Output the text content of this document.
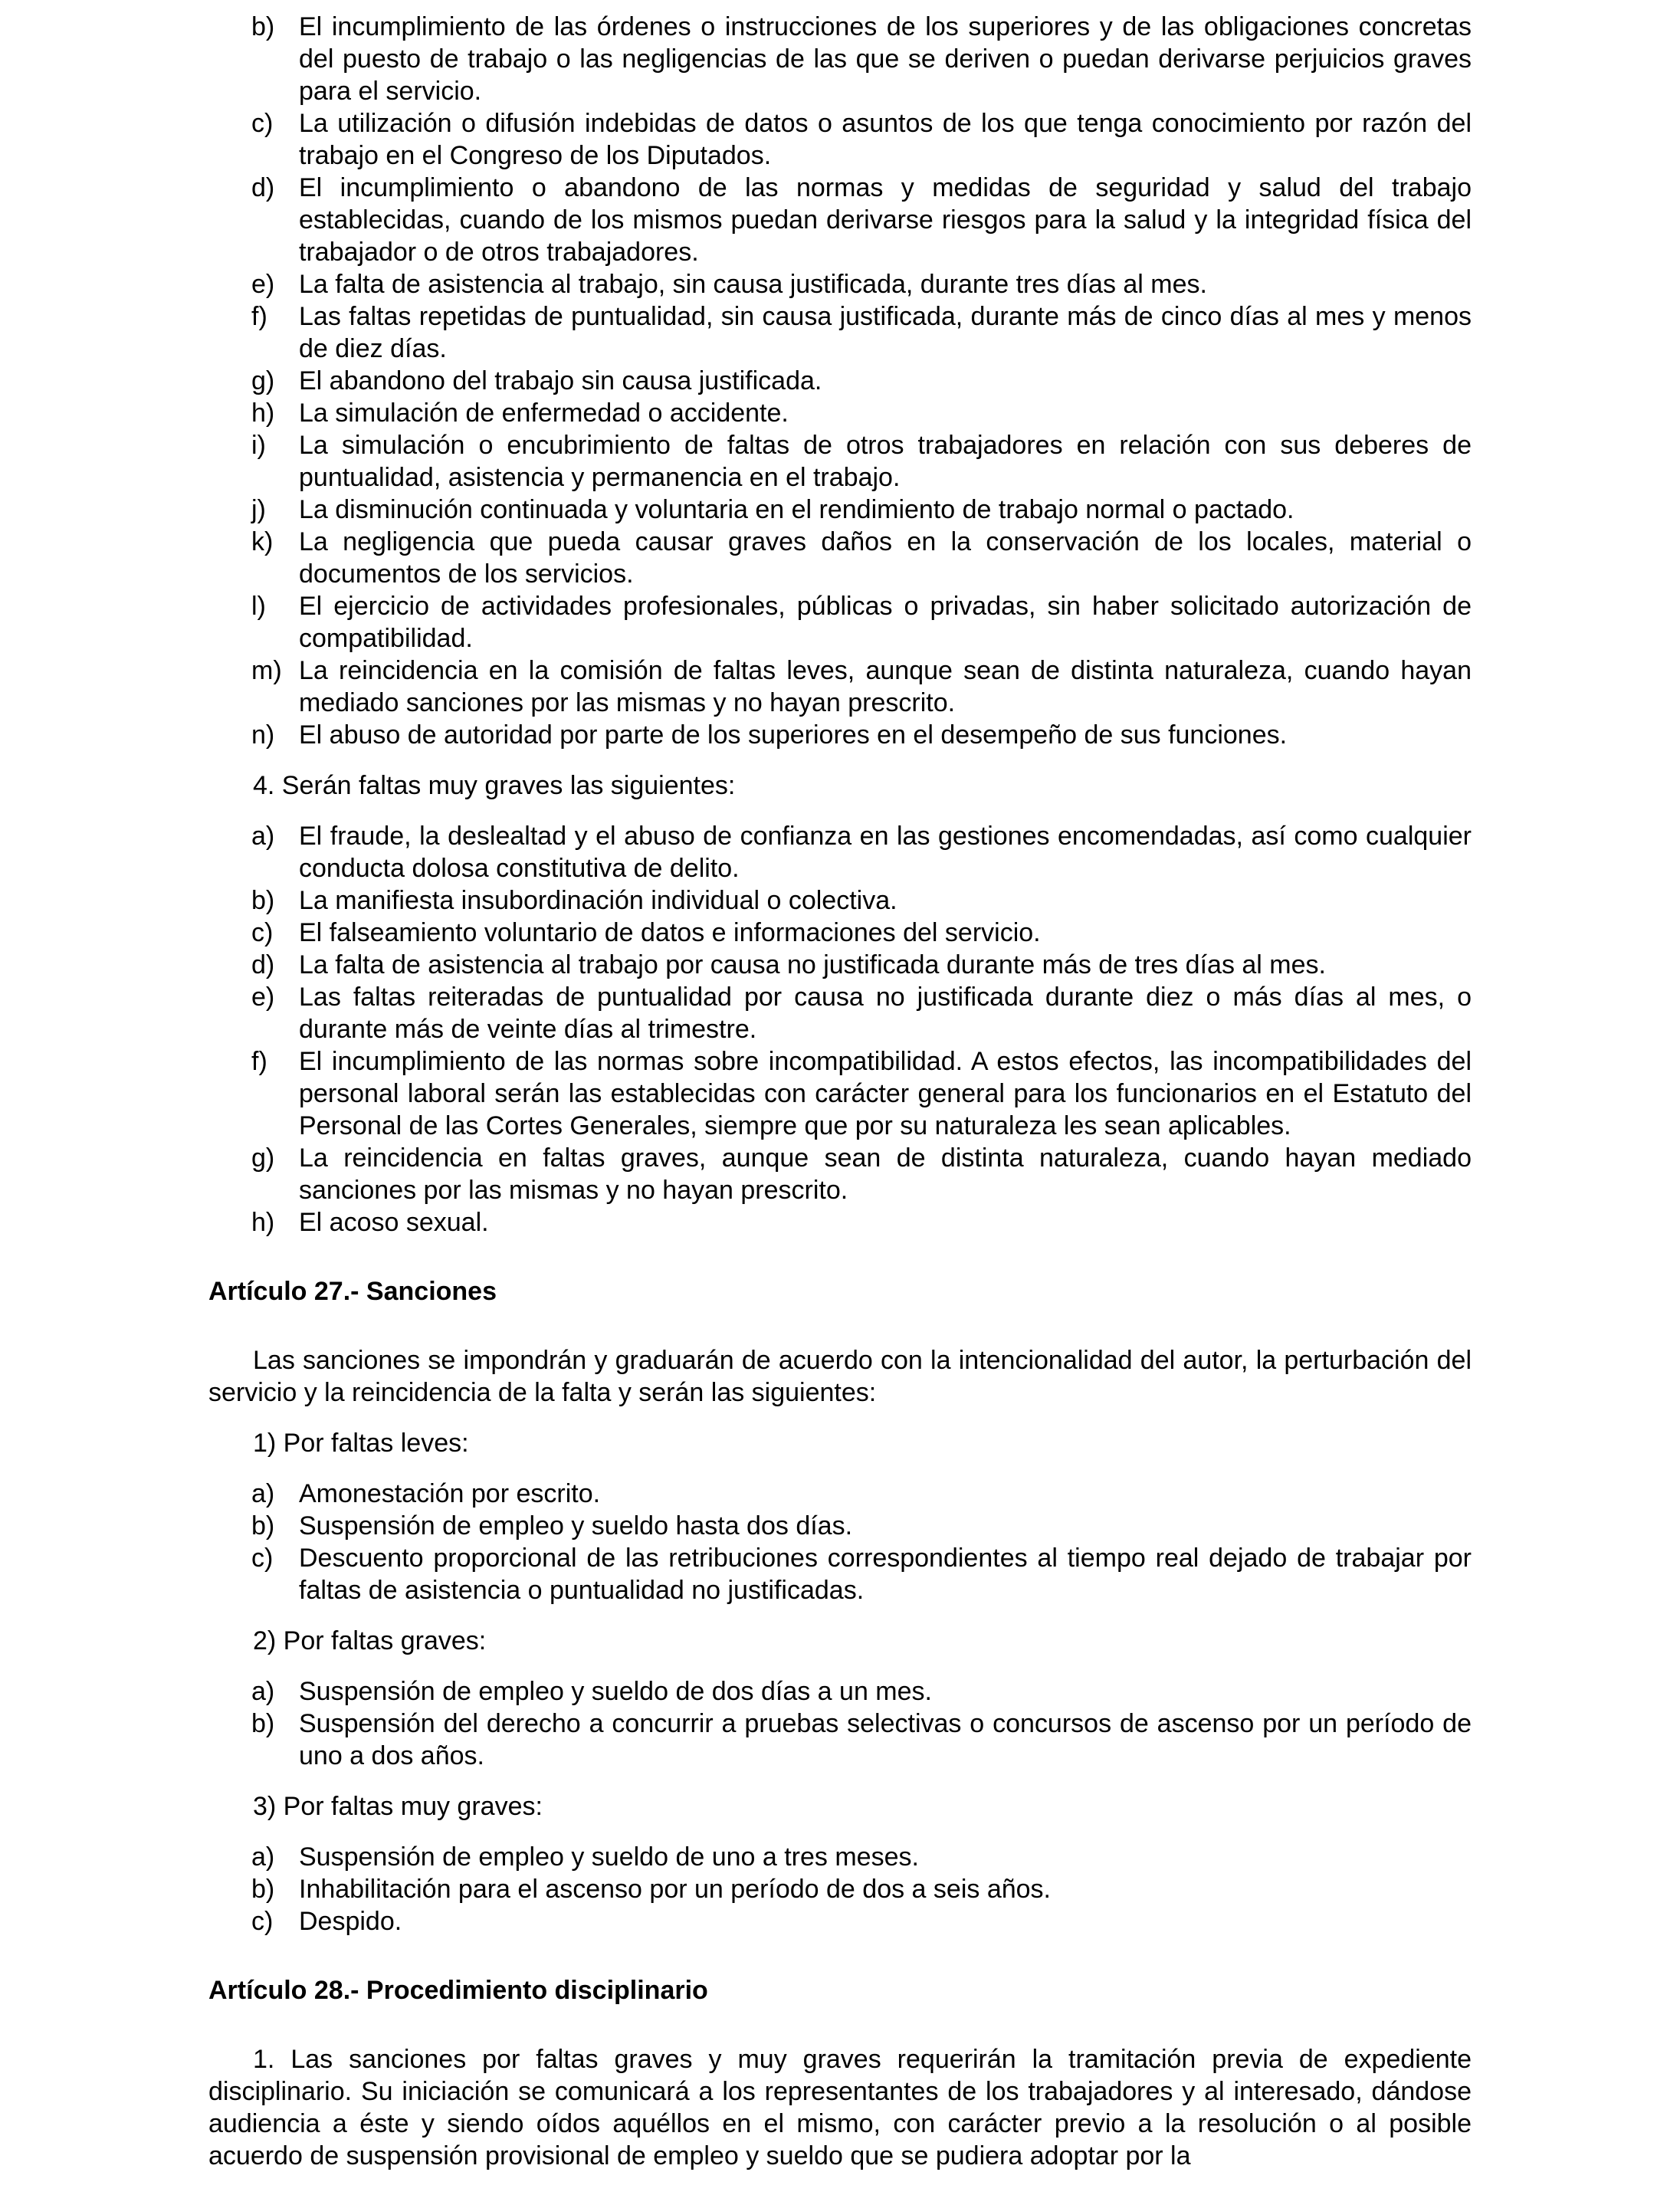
b) El incumplimiento de las órdenes o instrucciones de los superiores y de las obligaciones concretas del puesto de trabajo o las negligencias de las que se deriven o puedan derivarse perjuicios graves para el servicio.
c) La utilización o difusión indebidas de datos o asuntos de los que tenga conocimiento por razón del trabajo en el Congreso de los Diputados.
d) El incumplimiento o abandono de las normas y medidas de seguridad y salud del trabajo establecidas, cuando de los mismos puedan derivarse riesgos para la salud y la integridad física del trabajador o de otros trabajadores.
e) La falta de asistencia al trabajo, sin causa justificada, durante tres días al mes.
f) Las faltas repetidas de puntualidad, sin causa justificada, durante más de cinco días al mes y menos de diez días.
g) El abandono del trabajo sin causa justificada.
h) La simulación de enfermedad o accidente.
i) La simulación o encubrimiento de faltas de otros trabajadores en relación con sus deberes de puntualidad, asistencia y permanencia en el trabajo.
j) La disminución continuada y voluntaria en el rendimiento de trabajo normal o pactado.
k) La negligencia que pueda causar graves daños en la conservación de los locales, material o documentos de los servicios.
l) El ejercicio de actividades profesionales, públicas o privadas, sin haber solicitado autorización de compatibilidad.
m) La reincidencia en la comisión de faltas leves, aunque sean de distinta naturaleza, cuando hayan mediado sanciones por las mismas y no hayan prescrito.
n) El abuso de autoridad por parte de los superiores en el desempeño de sus funciones.
4. Serán faltas muy graves las siguientes:
a) El fraude, la deslealtad y el abuso de confianza en las gestiones encomendadas, así como cualquier conducta dolosa constitutiva de delito.
b) La manifiesta insubordinación individual o colectiva.
c) El falseamiento voluntario de datos e informaciones del servicio.
d) La falta de asistencia al trabajo por causa no justificada durante más de tres días al mes.
e) Las faltas reiteradas de puntualidad por causa no justificada durante diez o más días al mes, o durante más de veinte días al trimestre.
f) El incumplimiento de las normas sobre incompatibilidad. A estos efectos, las incompatibilidades del personal laboral serán las establecidas con carácter general para los funcionarios en el Estatuto del Personal de las Cortes Generales, siempre que por su naturaleza les sean aplicables.
g) La reincidencia en faltas graves, aunque sean de distinta naturaleza, cuando hayan mediado sanciones por las mismas y no hayan prescrito.
h) El acoso sexual.
Artículo 27.- Sanciones
Las sanciones se impondrán y graduarán de acuerdo con la intencionalidad del autor, la perturbación del servicio y la reincidencia de la falta y serán las siguientes:
1) Por faltas leves:
a) Amonestación por escrito.
b) Suspensión de empleo y sueldo hasta dos días.
c) Descuento proporcional de las retribuciones correspondientes al tiempo real dejado de trabajar por faltas de asistencia o puntualidad no justificadas.
2) Por faltas graves:
a) Suspensión de empleo y sueldo de dos días a un mes.
b) Suspensión del derecho a concurrir a pruebas selectivas o concursos de ascenso por un período de uno a dos años.
3) Por faltas muy graves:
a) Suspensión de empleo y sueldo de uno a tres meses.
b) Inhabilitación para el ascenso por un período de dos a seis años.
c) Despido.
Artículo 28.- Procedimiento disciplinario
1. Las sanciones por faltas graves y muy graves requerirán la tramitación previa de expediente disciplinario. Su iniciación se comunicará a los representantes de los trabajadores y al interesado, dándose audiencia a éste y siendo oídos aquéllos en el mismo, con carácter previo a la resolución o al posible acuerdo de suspensión provisional de empleo y sueldo que se pudiera adoptar por la
